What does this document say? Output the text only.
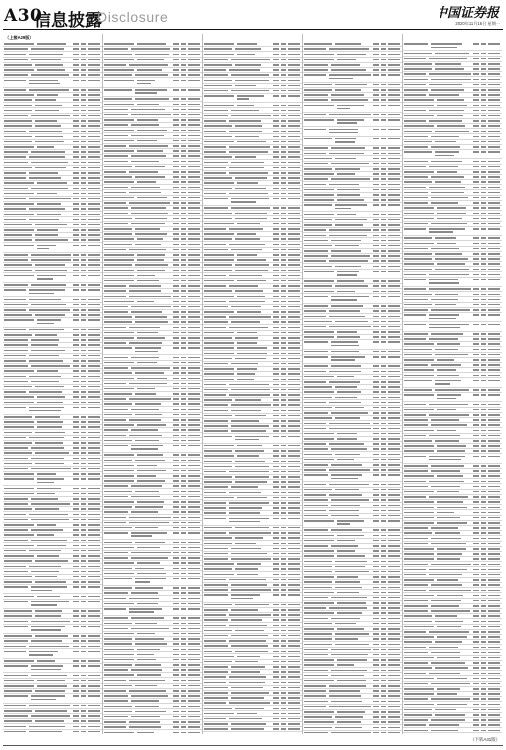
A30
信息披露
Disclosure	中国证券报
2020年11月16日 星期一
（上接A29版）
（下转A31版）
